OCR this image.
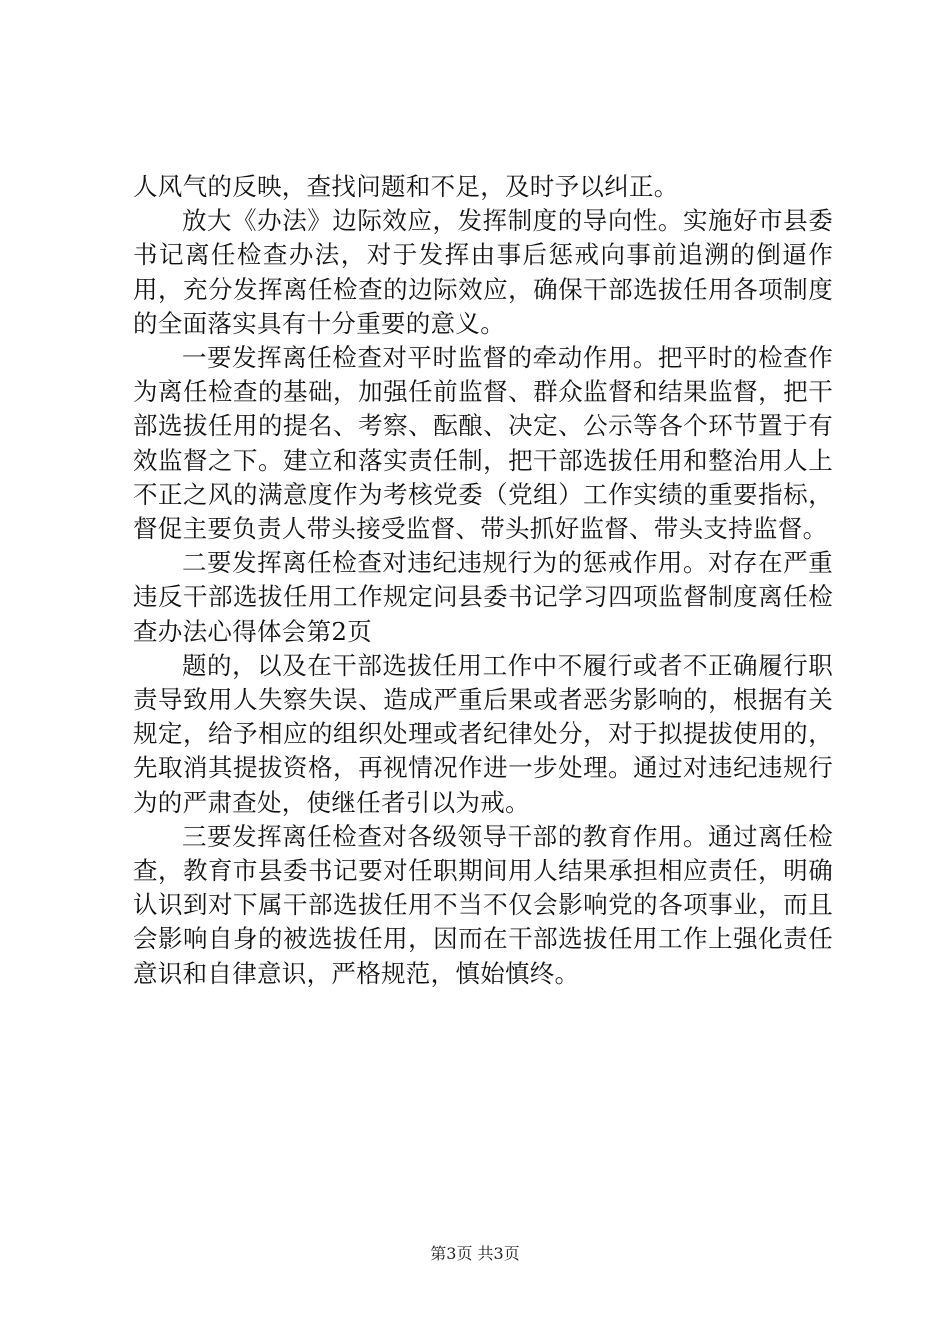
人风气的反映，查找问题和不足，及时予以纠正。

放大《办法》边际效应，发挥制度的导向性。实施好市县委书记离任检查办法，对于发挥由事后惩戒向事前追溯的倒逼作用，充分发挥离任检查的边际效应，确保干部选拔任用各项制度的全面落实具有十分重要的意义。

一要发挥离任检查对平时监督的牵动作用。把平时的检查作为离任检查的基础，加强任前监督、群众监督和结果监督，把干部选拔任用的提名、考察、酝酿、决定、公示等各个环节置于有效监督之下。建立和落实责任制，把干部选拔任用和整治用人上不正之风的满意度作为考核党委（党组）工作实绩的重要指标，督促主要负责人带头接受监督、带头抓好监督、带头支持监督。

二要发挥离任检查对违纪违规行为的惩戒作用。对存在严重违反干部选拔任用工作规定问县委书记学习四项监督制度离任检查办法心得体会第2页

题的，以及在干部选拔任用工作中不履行或者不正确履行职责导致用人失察失误、造成严重后果或者恶劣影响的，根据有关规定，给予相应的组织处理或者纪律处分，对于拟提拔使用的，先取消其提拔资格，再视情况作进一步处理。通过对违纪违规行为的严肃查处，使继任者引以为戒。

三要发挥离任检查对各级领导干部的教育作用。通过离任检查，教育市县委书记要对任职期间用人结果承担相应责任，明确认识到对下属干部选拔任用不当不仅会影响党的各项事业，而且会影响自身的被选拔任用，因而在干部选拔任用工作上强化责任意识和自律意识，严格规范，慎始慎终。

第3页 共3页
